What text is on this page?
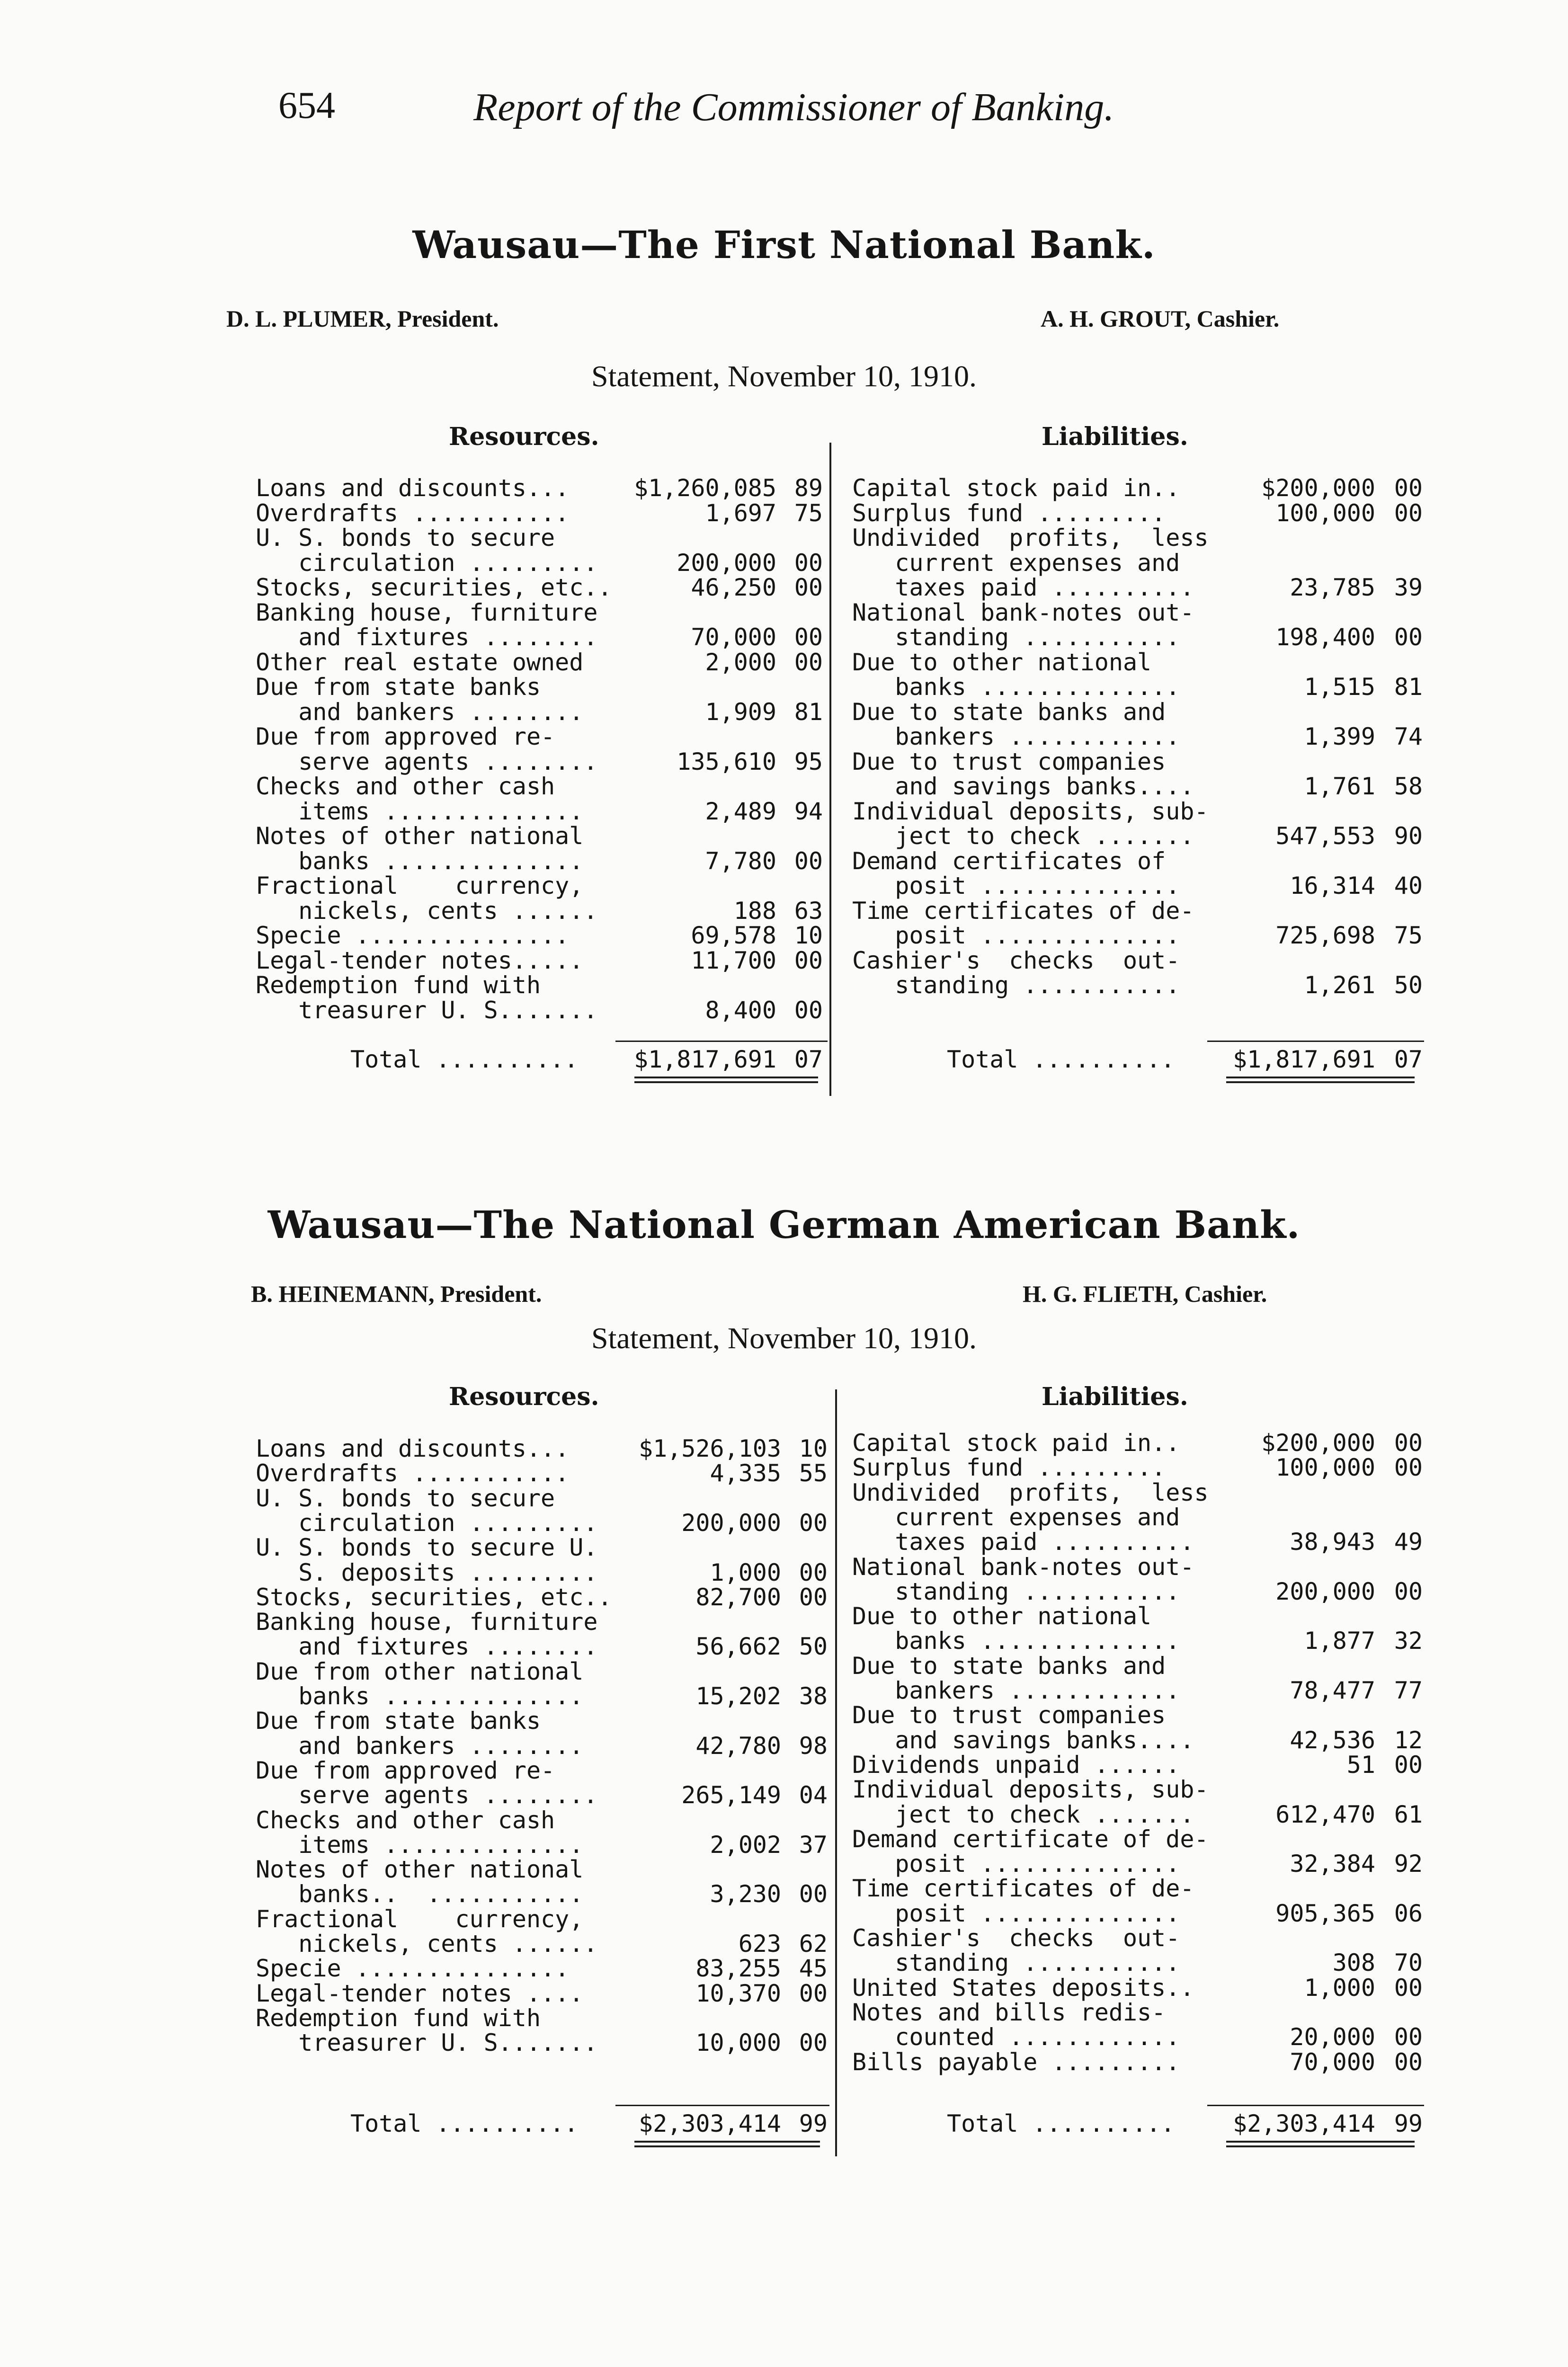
654	Report of the Commissioner of Banking.
Wausau—The First National Bank.
D. L. PLUMER, President.	A. H. GROUT, Cashier.
Statement, November 10, 1910.
Resources.	Liabilities.
Loans and discounts...	$1,260,085 89
Overdrafts ...........	1,697 75
U. S. bonds to secure
circulation .........	200,000 00
Stocks, securities, etc..	46,250 00
Banking house, furniture
and fixtures ........	70,000 00
Other real estate owned	2,000 00
Due from state banks
and bankers ........	1,909 81
Due from approved re-
serve agents ........	135,610 95
Checks and other cash
items ..............	2,489 94
Notes of other national
banks ..............	7,780 00
Fractional    currency,
nickels, cents ......	188 63
Specie ...............	69,578 10
Legal-tender notes.....	11,700 00
Redemption fund with
treasurer U. S.......	8,400 00
Total .......... $1,817,691 07
Capital stock paid in..	$200,000 00
Surplus fund .........	100,000 00
Undivided  profits,  less
current expenses and
taxes paid ..........	23,785 39
National bank-notes out-
standing ...........	198,400 00
Due to other national
banks ..............	1,515 81
Due to state banks and
bankers ............	1,399 74
Due to trust companies
and savings banks....	1,761 58
Individual deposits, sub-
ject to check .......	547,553 90
Demand certificates of
posit ..............	16,314 40
Time certificates of de-
posit ..............	725,698 75
Cashier's  checks  out-
standing ...........	1,261 50
Total .......... $1,817,691 07
Wausau—The National German American Bank.
B. HEINEMANN, President.	H. G. FLIETH, Cashier.
Statement, November 10, 1910.
Resources.	Liabilities.
Loans and discounts...	$1,526,103 10
Overdrafts ...........	4,335 55
U. S. bonds to secure
circulation .........	200,000 00
U. S. bonds to secure U.
S. deposits .........	1,000 00
Stocks, securities, etc..	82,700 00
Banking house, furniture
and fixtures ........	56,662 50
Due from other national
banks ..............	15,202 38
Due from state banks
and bankers ........	42,780 98
Due from approved re-
serve agents ........	265,149 04
Checks and other cash
items ..............	2,002 37
Notes of other national
banks..  ...........	3,230 00
Fractional    currency,
nickels, cents ......	623 62
Specie ...............	83,255 45
Legal-tender notes ....	10,370 00
Redemption fund with
treasurer U. S.......	10,000 00
Total ..........	$2,303,414 99
Capital stock paid in..	$200,000 00
Surplus fund .........	100,000 00
Undivided  profits,  less
current expenses and
taxes paid ..........	38,943 49
National bank-notes out-
standing ...........	200,000 00
Due to other national
banks ..............	1,877 32
Due to state banks and
bankers ............	78,477 77
Due to trust companies
and savings banks....	42,536 12
Dividends unpaid ......	51 00
Individual deposits, sub-
ject to check .......	612,470 61
Demand certificate of de-
posit ..............	32,384 92
Time certificates of de-
posit ..............	905,365 06
Cashier's  checks  out-
standing ...........	308 70
United States deposits..	1,000 00
Notes and bills redis-
counted ............	20,000 00
Bills payable .........	70,000 00
Total .......... $2,303,414 99
